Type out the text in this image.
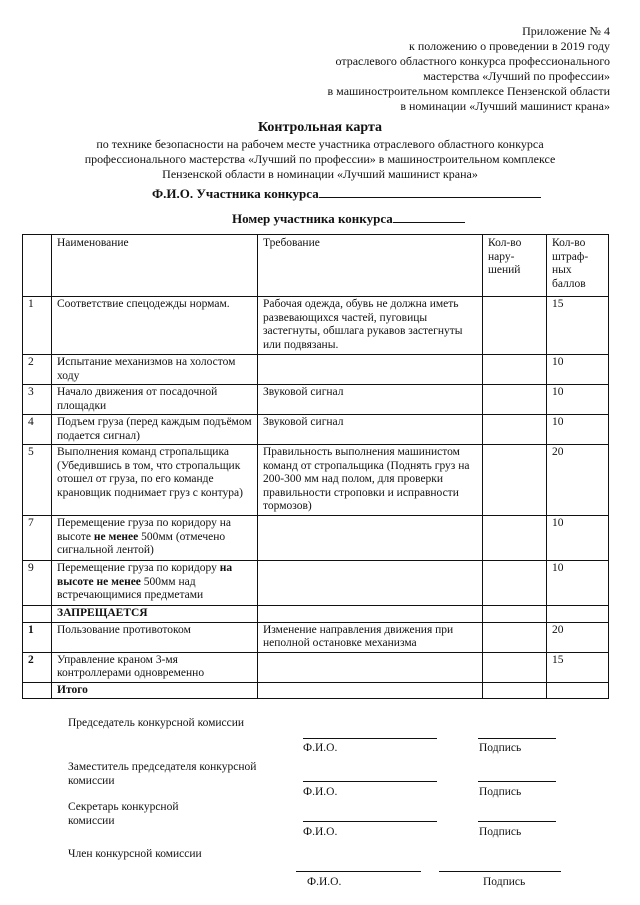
Приложение № 4
к положению о проведении в 2019 году
отраслевого областного конкурса профессионального
мастерства «Лучший по профессии»
в машиностроительном комплексе Пензенской области
в номинации «Лучший машинист крана»
Контрольная карта
по технике безопасности на рабочем месте участника отраслевого областного конкурса
профессионального мастерства «Лучший по профессии» в машиностроительном комплексе
Пензенской области в номинации «Лучший машинист крана»
Ф.И.О. Участника конкурса
Номер участника конкурса
	Наименование	Требование	Кол-во нару-шений	Кол-во штраф-ных баллов
1	Соответствие спецодежды нормам.	Рабочая одежда, обувь не должна иметь развевающихся частей, пуговицы застегнуты, обшлага рукавов застегнуты или подвязаны.		15
2	Испытание механизмов на холостом ходу			10
3	Начало движения от посадочной площадки	Звуковой сигнал		10
4	Подъем груза (перед каждым подъёмом подается сигнал)	Звуковой сигнал		10
5	Выполнения команд стропальщика (Убедившись в том, что стропальщик отошел от груза, по его команде крановщик поднимает груз с контура)	Правильность выполнения машинистом команд от стропальщика (Поднять груз на 200-300 мм над полом, для проверки правильности строповки и исправности тормозов)		20
7	Перемещение груза по коридору на высоте не менее 500мм (отмечено сигнальной лентой)			10
9	Перемещение груза по коридору на высоте не менее 500мм над встречающимися предметами			10
	ЗАПРЕЩАЕТСЯ			
1	Пользование противотоком	Изменение направления движения при неполной остановке механизма		20
2	Управление краном 3-мя контроллерами одновременно			15
	Итого			
Председатель конкурсной комиссии
Ф.И.О.	Подпись
Заместитель председателя конкурсной
комиссии
Ф.И.О.	Подпись
Секретарь конкурсной
комиссии
Ф.И.О.	Подпись
Член конкурсной комиссии
Ф.И.О.	Подпись
